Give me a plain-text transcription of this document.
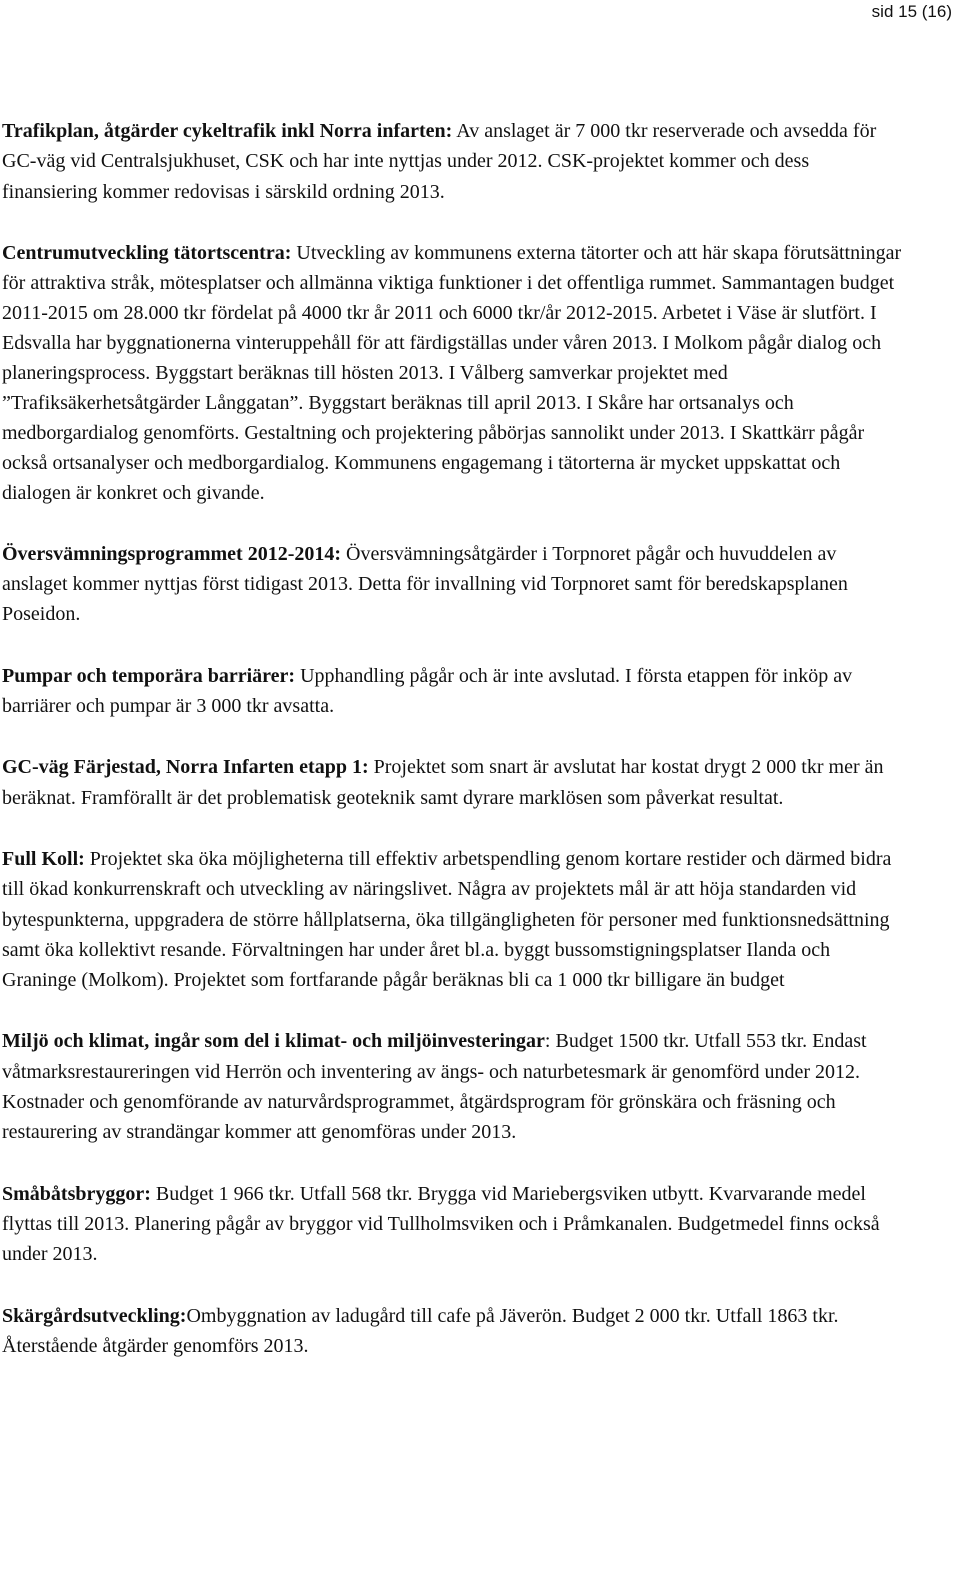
sid 15 (16)

Trafikplan, åtgärder cykeltrafik inkl Norra infarten: Av anslaget är 7 000 tkr reserverade och avsedda för GC-väg vid Centralsjukhuset, CSK och har inte nyttjas under 2012. CSK-projektet kommer och dess finansiering kommer redovisas i särskild ordning 2013.

Centrumutveckling tätortscentra: Utveckling av kommunens externa tätorter och att här skapa förutsättningar för attraktiva stråk, mötesplatser och allmänna viktiga funktioner i det offentliga rummet. Sammantagen budget 2011-2015 om 28.000 tkr fördelat på 4000 tkr år 2011 och 6000 tkr/år 2012-2015. Arbetet i Väse är slutfört. I Edsvalla har byggnationerna vinteruppehåll för att färdigställas under våren 2013. I Molkom pågår dialog och planeringsprocess. Byggstart beräknas till hösten 2013. I Vålberg samverkar projektet med ”Trafiksäkerhetsåtgärder Långgatan”. Byggstart beräknas till april 2013. I Skåre har ortsanalys och medborgardialog genomförts. Gestaltning och projektering påbörjas sannolikt under 2013. I Skattkärr pågår också ortsanalyser och medborgardialog. Kommunens engagemang i tätorterna är mycket uppskattat och dialogen är konkret och givande.

Översvämningsprogrammet 2012-2014: Översvämningsåtgärder i Torpnoret pågår och huvuddelen av anslaget kommer nyttjas först tidigast 2013. Detta för invallning vid Torpnoret samt för beredskapsplanen Poseidon.

Pumpar och temporära barriärer: Upphandling pågår och är inte avslutad. I första etappen för inköp av barriärer och pumpar är 3 000 tkr avsatta.

GC-väg Färjestad, Norra Infarten etapp 1: Projektet som snart är avslutat har kostat drygt 2 000 tkr mer än beräknat. Framförallt är det problematisk geoteknik samt dyrare marklösen som påverkat resultat.

Full Koll: Projektet ska öka möjligheterna till effektiv arbetspendling genom kortare restider och därmed bidra till ökad konkurrenskraft och utveckling av näringslivet. Några av projektets mål är att höja standarden vid bytespunkterna, uppgradera de större hållplatserna, öka tillgängligheten för personer med funktionsnedsättning samt öka kollektivt resande. Förvaltningen har under året bl.a. byggt bussomstigningsplatser Ilanda och Graninge (Molkom). Projektet som fortfarande pågår beräknas bli ca 1 000 tkr billigare än budget

Miljö och klimat, ingår som del i klimat- och miljöinvesteringar: Budget 1500 tkr. Utfall 553 tkr. Endast våtmarksrestaureringen vid Herrön och inventering av ängs- och naturbetesmark är genomförd under 2012. Kostnader och genomförande av naturvårdsprogrammet, åtgärdsprogram för grönskära och fräsning och restaurering av strandängar kommer att genomföras under 2013.

Småbåtsbryggor: Budget 1 966 tkr. Utfall 568 tkr. Brygga vid Mariebergsviken utbytt. Kvarvarande medel flyttas till 2013. Planering pågår av bryggor vid Tullholmsviken och i Pråmkanalen. Budgetmedel finns också under 2013.

Skärgårdsutveckling:Ombyggnation av ladugård till cafe på Jäverön. Budget 2 000 tkr. Utfall 1863 tkr. Återstående åtgärder genomförs 2013.
